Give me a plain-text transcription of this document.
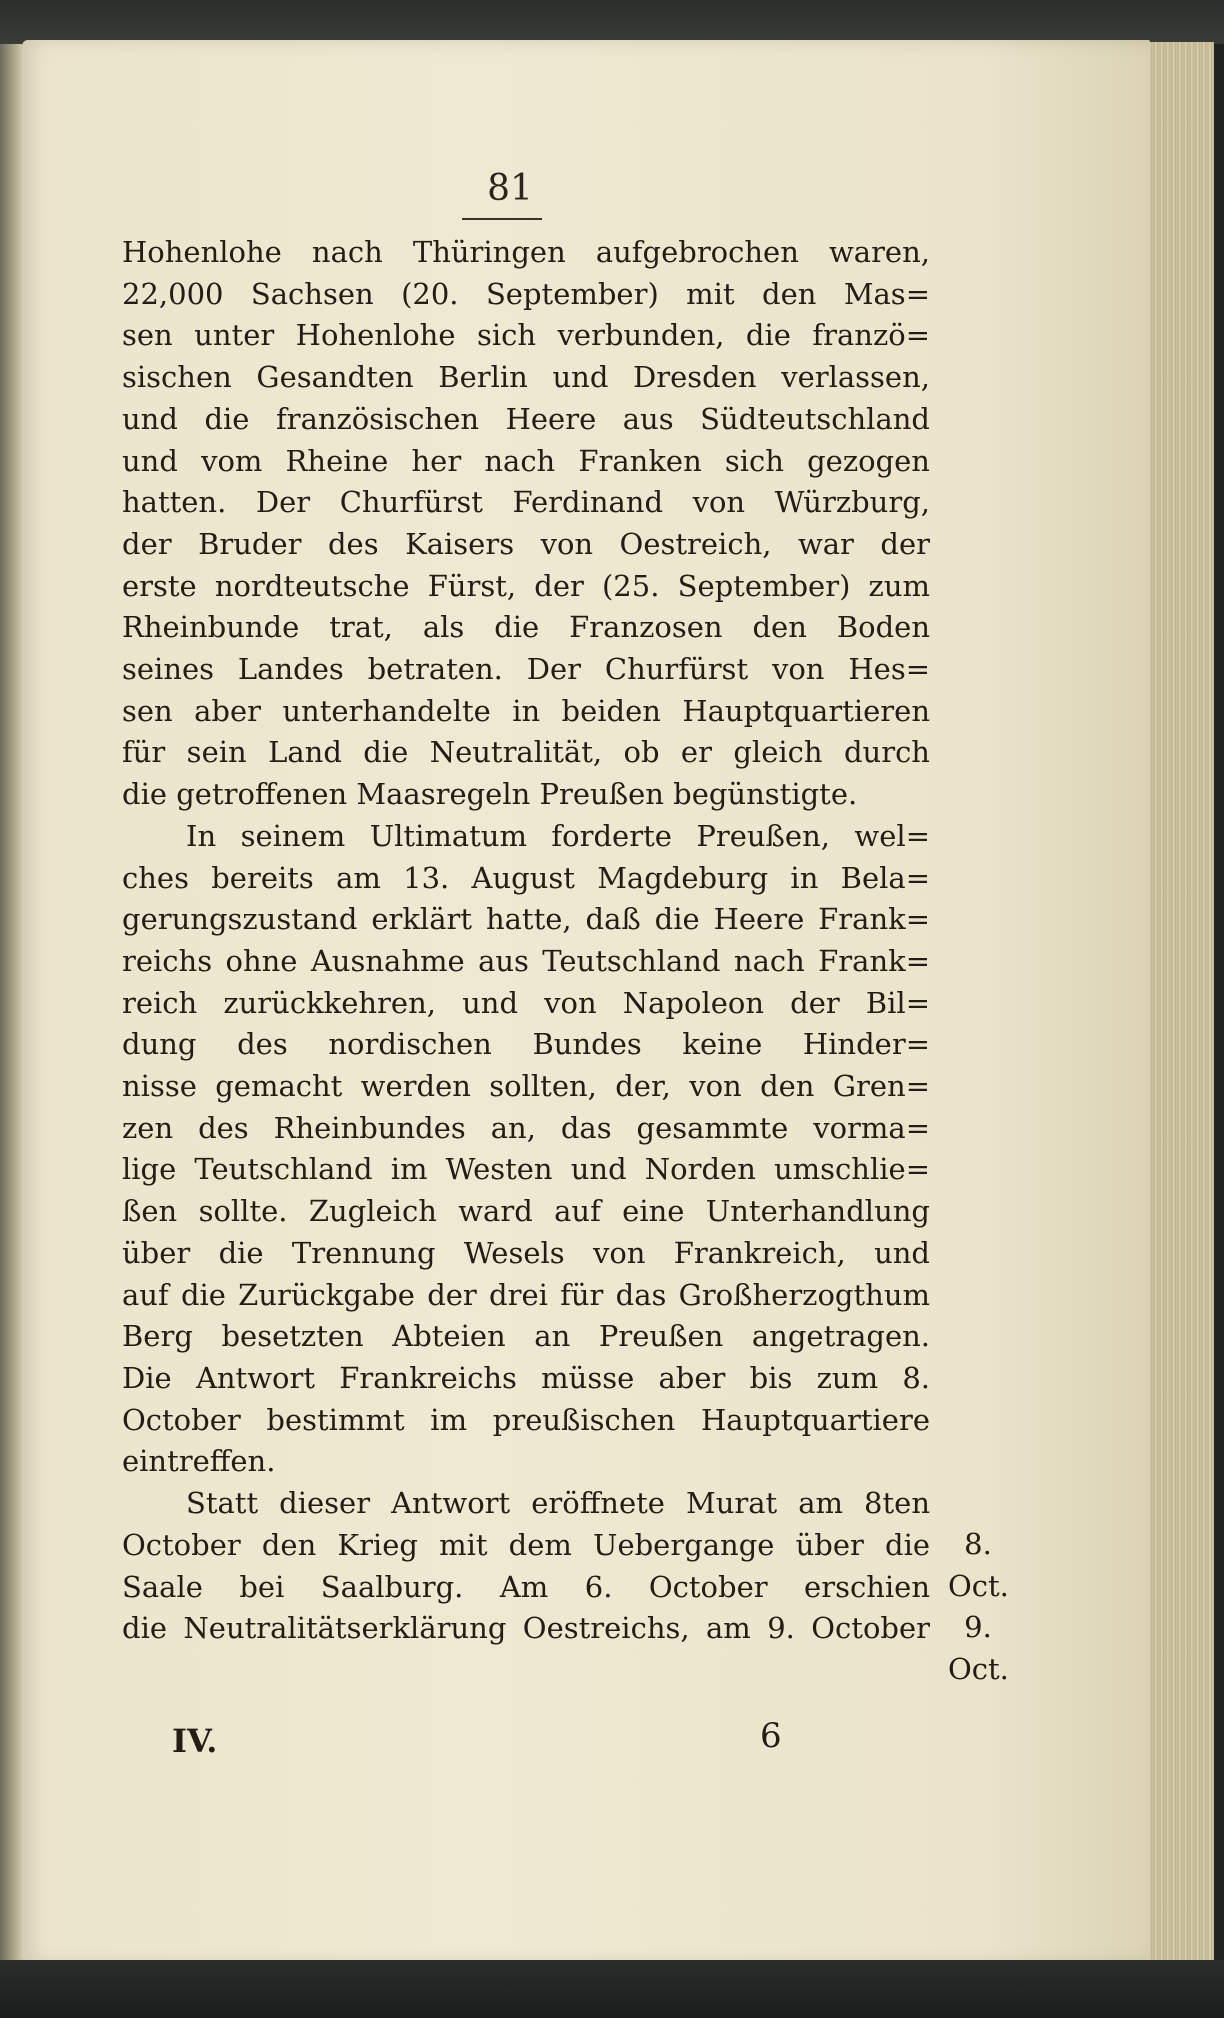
81
Hohenlohe nach Thüringen aufgebrochen waren,
22,000 Sachsen (20. September) mit den Mas=
sen unter Hohenlohe sich verbunden, die franzö=
sischen Gesandten Berlin und Dresden verlassen,
und die französischen Heere aus Südteutschland
und vom Rheine her nach Franken sich gezogen
hatten. Der Churfürst Ferdinand von Würzburg,
der Bruder des Kaisers von Oestreich, war der
erste nordteutsche Fürst, der (25. September) zum
Rheinbunde trat, als die Franzosen den Boden
seines Landes betraten. Der Churfürst von Hes=
sen aber unterhandelte in beiden Hauptquartieren
für sein Land die Neutralität, ob er gleich durch
die getroffenen Maasregeln Preußen begünstigte.
In seinem Ultimatum forderte Preußen, wel=
ches bereits am 13. August Magdeburg in Bela=
gerungszustand erklärt hatte, daß die Heere Frank=
reichs ohne Ausnahme aus Teutschland nach Frank=
reich zurückkehren, und von Napoleon der Bil=
dung des nordischen Bundes keine Hinder=
nisse gemacht werden sollten, der, von den Gren=
zen des Rheinbundes an, das gesammte vorma=
lige Teutschland im Westen und Norden umschlie=
ßen sollte. Zugleich ward auf eine Unterhandlung
über die Trennung Wesels von Frankreich, und
auf die Zurückgabe der drei für das Großherzogthum
Berg besetzten Abteien an Preußen angetragen.
Die Antwort Frankreichs müsse aber bis zum 8.
October bestimmt im preußischen Hauptquartiere
eintreffen.
Statt dieser Antwort eröffnete Murat am 8ten
October den Krieg mit dem Uebergange über die
Saale bei Saalburg. Am 6. October erschien
die Neutralitätserklärung Oestreichs, am 9. October
8.
Oct.
9.
Oct.
IV.	6
